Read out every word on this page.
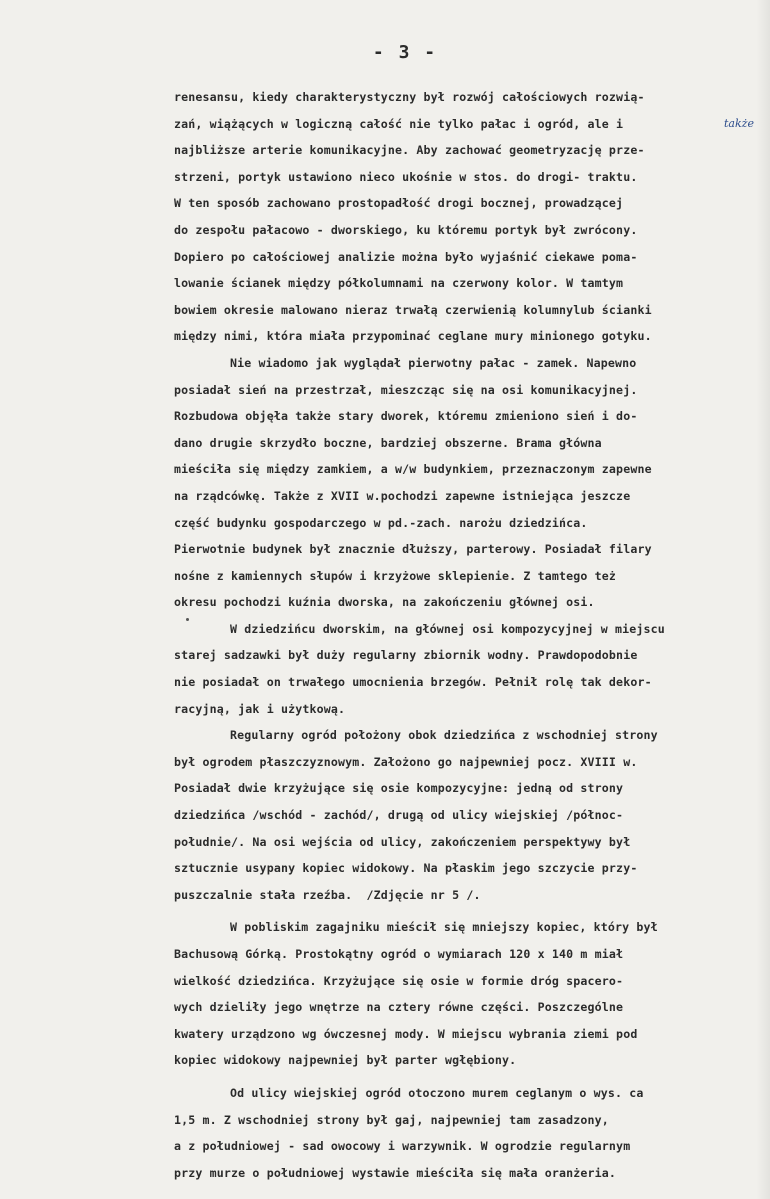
- 3 -
także
renesansu, kiedy charakterystyczny był rozwój całościowych rozwią-
zań, wiążących w logiczną całość nie tylko pałac i ogród, ale i
najbliższe arterie komunikacyjne. Aby zachować geometryzację prze-
strzeni, portyk ustawiono nieco ukośnie w stos. do drogi- traktu.
W ten sposób zachowano prostopadłość drogi bocznej, prowadzącej
do zespołu pałacowo - dworskiego, ku któremu portyk był zwrócony.
Dopiero po całościowej analizie można było wyjaśnić ciekawe poma-
lowanie ścianek między półkolumnami na czerwony kolor. W tamtym
bowiem okresie malowano nieraz trwałą czerwienią kolumnylub ścianki
między nimi, która miała przypominać ceglane mury minionego gotyku.
Nie wiadomo jak wyglądał pierwotny pałac - zamek. Napewno
posiadał sień na przestrzał, mieszcząc się na osi komunikacyjnej.
Rozbudowa objęła także stary dworek, któremu zmieniono sień i do-
dano drugie skrzydło boczne, bardziej obszerne. Brama główna
mieściła się między zamkiem, a w/w budynkiem, przeznaczonym zapewne
na rządcówkę. Także z XVII w.pochodzi zapewne istniejąca jeszcze
część budynku gospodarczego w pd.-zach. narożu dziedzińca.
Pierwotnie budynek był znacznie dłuższy, parterowy. Posiadał filary
nośne z kamiennych słupów i krzyżowe sklepienie. Z tamtego też
okresu pochodzi kuźnia dworska, na zakończeniu głównej osi.
W dziedzińcu dworskim, na głównej osi kompozycyjnej w miejscu
starej sadzawki był duży regularny zbiornik wodny. Prawdopodobnie
nie posiadał on trwałego umocnienia brzegów. Pełnił rolę tak dekor-
racyjną, jak i użytkową.
Regularny ogród położony obok dziedzińca z wschodniej strony
był ogrodem płaszczyznowym. Założono go najpewniej pocz. XVIII w.
Posiadał dwie krzyżujące się osie kompozycyjne: jedną od strony
dziedzińca /wschód - zachód/, drugą od ulicy wiejskiej /północ-
południe/. Na osi wejścia od ulicy, zakończeniem perspektywy był
sztucznie usypany kopiec widokowy. Na płaskim jego szczycie przy-
puszczalnie stała rzeźba.  /Zdjęcie nr 5 /.
W pobliskim zagajniku mieścił się mniejszy kopiec, który był
Bachusową Górką. Prostokątny ogród o wymiarach 120 x 140 m miał
wielkość dziedzińca. Krzyżujące się osie w formie dróg spacero-
wych dzieliły jego wnętrze na cztery równe części. Poszczególne
kwatery urządzono wg ówczesnej mody. W miejscu wybrania ziemi pod
kopiec widokowy najpewniej był parter wgłębiony.
Od ulicy wiejskiej ogród otoczono murem ceglanym o wys. ca
1,5 m. Z wschodniej strony był gaj, najpewniej tam zasadzony,
a z południowej - sad owocowy i warzywnik. W ogrodzie regularnym
przy murze o południowej wystawie mieściła się mała oranżeria.
